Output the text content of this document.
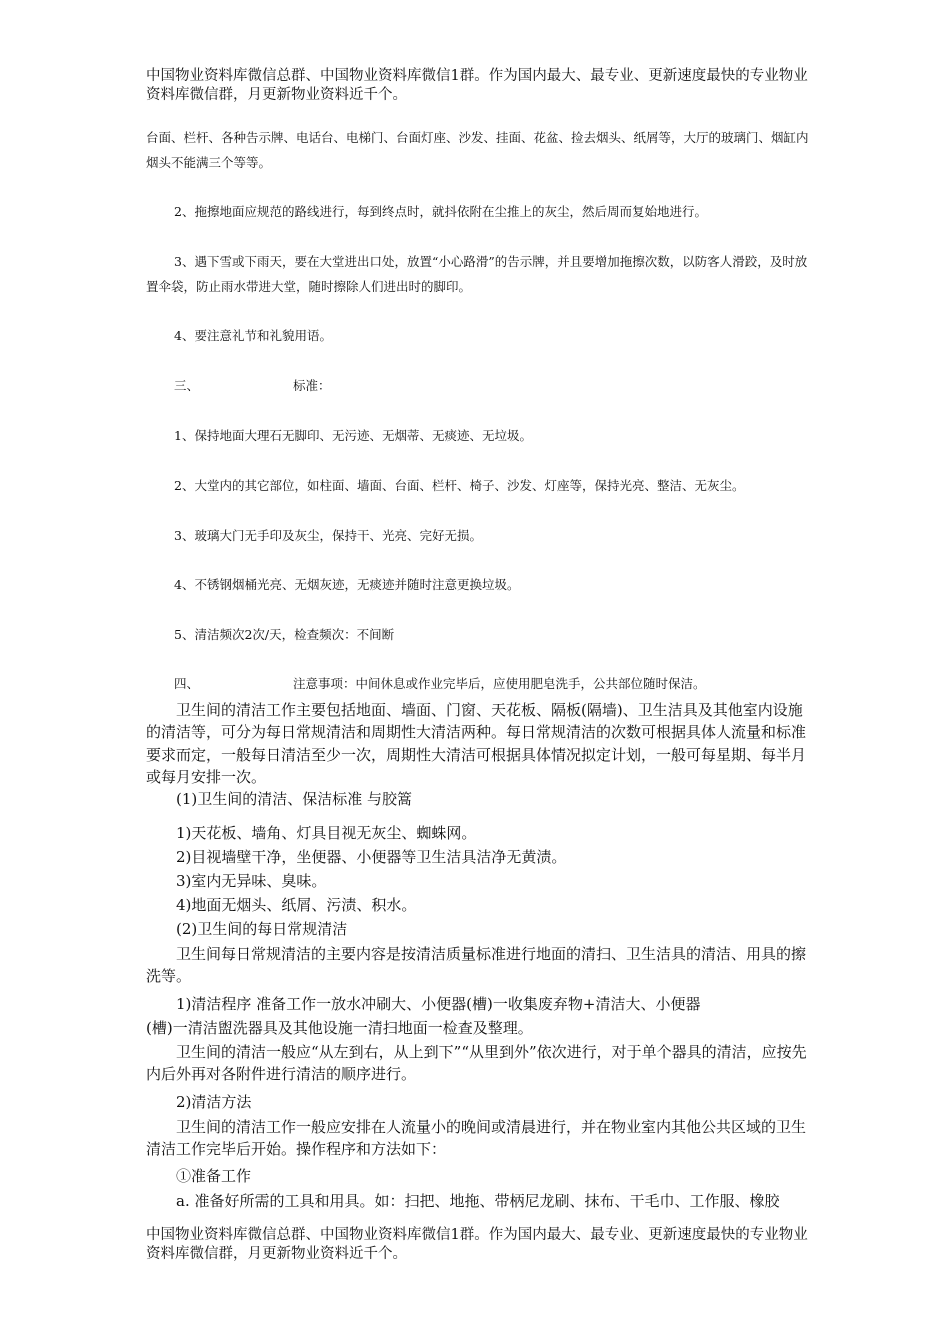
中国物业资料库微信总群、中国物业资料库微信1群。作为国内最大、最专业、更新速度最快的专业物业资料库微信群，月更新物业资料近千个。

台面、栏杆、各种告示牌、电话台、电梯门、台面灯座、沙发、挂面、花盆、捡去烟头、纸屑等，大厅的玻璃门、烟缸内烟头不能满三个等等。

2、拖擦地面应规范的路线进行，每到终点时，就抖依附在尘推上的灰尘，然后周而复始地进行。

3、遇下雪或下雨天，要在大堂进出口处，放置“小心路滑”的告示牌，并且要增加拖擦次数，以防客人滑跤，及时放置伞袋，防止雨水带进大堂，随时擦除人们进出时的脚印。

4、要注意礼节和礼貌用语。

三、	标准：

1、保持地面大理石无脚印、无污迹、无烟蒂、无痰迹、无垃圾。

2、大堂内的其它部位，如柱面、墙面、台面、栏杆、椅子、沙发、灯座等，保持光亮、整洁、无灰尘。

3、玻璃大门无手印及灰尘，保持干、光亮、完好无损。

4、不锈钢烟桶光亮、无烟灰迹，无痰迹并随时注意更换垃圾。

5、清洁频次2次/天，检查频次：不间断

四、	注意事项：中间休息或作业完毕后，应使用肥皂洗手，公共部位随时保洁。

卫生间的清洁工作主要包括地面、墙面、门窗、天花板、隔板(隔墙)、卫生洁具及其他室内设施的清洁等，可分为每日常规清洁和周期性大清洁两种。每日常规清洁的次数可根据具体人流量和标准要求而定，一般每日清洁至少一次，周期性大清洁可根据具体情况拟定计划，一般可每星期、每半月或每月安排一次。

(1)卫生间的清洁、保洁标准 与胶篙

1)天花板、墙角、灯具目视无灰尘、蜘蛛网。

2)目视墙壁干净，坐便器、小便器等卫生洁具洁净无黄渍。

3)室内无异味、臭味。

4)地面无烟头、纸屑、污渍、积水。

(2)卫生间的每日常规清洁

卫生间每日常规清洁的主要内容是按清洁质量标准进行地面的清扫、卫生洁具的清洁、用具的擦洗等。

1)清洁程序 准备工作一放水冲刷大、小便器(槽)一收集废弃物+清洁大、小便器

(槽)一清洁盥洗器具及其他设施一清扫地面一检查及整理。

卫生间的清洁一般应“从左到右，从上到下”“从里到外”依次进行，对于单个器具的清洁，应按先内后外再对各附件进行清洁的顺序进行。

2)清洁方法

卫生间的清洁工作一般应安排在人流量小的晚间或清晨进行，并在物业室内其他公共区域的卫生清洁工作完毕后开始。操作程序和方法如下：

①准备工作

a. 准备好所需的工具和用具。如：扫把、地拖、带柄尼龙刷、抹布、干毛巾、工作服、橡胶

中国物业资料库微信总群、中国物业资料库微信1群。作为国内最大、最专业、更新速度最快的专业物业资料库微信群，月更新物业资料近千个。
